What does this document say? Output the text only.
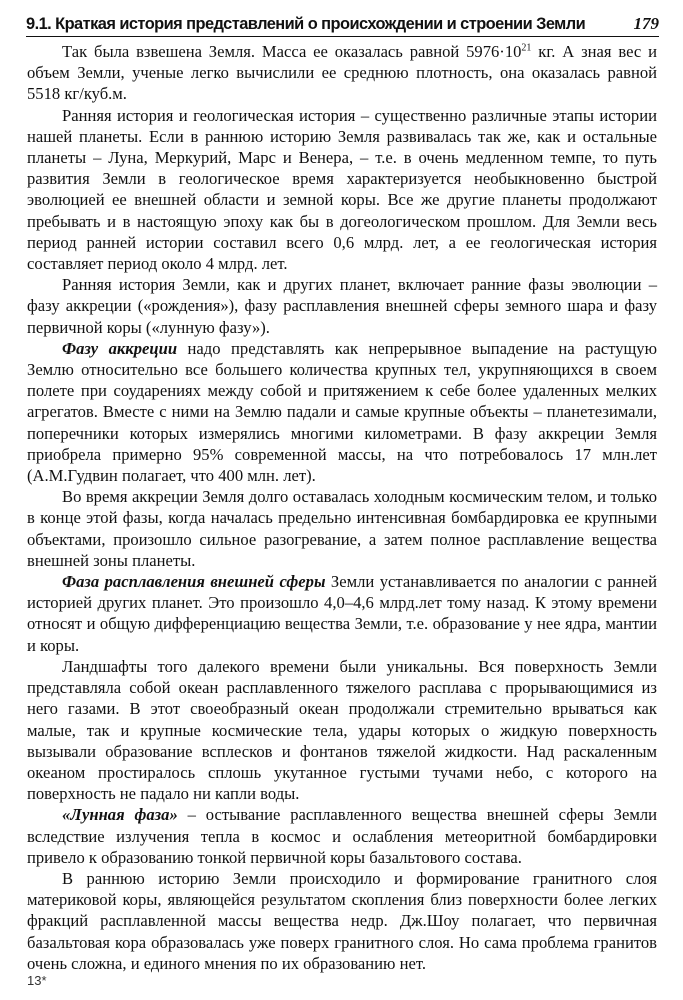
9.1. Краткая история представлений о происхождении и строении Земли	179

Так была взвешена Земля. Масса ее оказалась равной $5976\cdot 10^{21}$ кг. А зная вес и объем Земли, ученые легко вычислили ее среднюю плотность, она оказалась равной 5518 кг/куб.м.

Ранняя история и геологическая история – существенно различные этапы истории нашей планеты. Если в раннюю историю Земля развивалась так же, как и остальные планеты – Луна, Меркурий, Марс и Венера, – т.е. в очень медленном темпе, то путь развития Земли в геологическое время характеризуется необыкновенно быстрой эволюцией ее внешней области и земной коры. Все же другие планеты продолжают пребывать и в настоящую эпоху как бы в догеологическом прошлом. Для Земли весь период ранней истории составил всего 0,6 млрд. лет, а ее геологическая история составляет период около 4 млрд. лет.

Ранняя история Земли, как и других планет, включает ранние фазы эволюции – фазу аккреции («рождения»), фазу расплавления внешней сферы земного шара и фазу первичной коры («лунную фазу»).

Фазу аккреции надо представлять как непрерывное выпадение на растущую Землю относительно все большего количества крупных тел, укрупняющихся в своем полете при соударениях между собой и притяжением к себе более удаленных мелких агрегатов. Вместе с ними на Землю падали и самые крупные объекты – планетезимали, поперечники которых измерялись многими километрами. В фазу аккреции Земля приобрела примерно 95% современной массы, на что потребовалось 17 млн.лет (А.М.Гудвин полагает, что 400 млн. лет).

Во время аккреции Земля долго оставалась холодным космическим телом, и только в конце этой фазы, когда началась предельно интенсивная бомбардировка ее крупными объектами, произошло сильное разогревание, а затем полное расплавление вещества внешней зоны планеты.

Фаза расплавления внешней сферы Земли устанавливается по аналогии с ранней историей других планет. Это произошло 4,0–4,6 млрд.лет тому назад. К этому времени относят и общую дифференциацию вещества Земли, т.е. образование у нее ядра, мантии и коры.

Ландшафты того далекого времени были уникальны. Вся поверхность Земли представляла собой океан расплавленного тяжелого расплава с прорывающимися из него газами. В этот своеобразный океан продолжали стремительно врываться как малые, так и крупные космические тела, удары которых о жидкую поверхность вызывали образование всплесков и фонтанов тяжелой жидкости. Над раскаленным океаном простиралось сплошь укутанное густыми тучами небо, с которого на поверхность не падало ни капли воды.

«Лунная фаза» – остывание расплавленного вещества внешней сферы Земли вследствие излучения тепла в космос и ослабления метеоритной бомбардировки привело к образованию тонкой первичной коры базальтового состава.

В раннюю историю Земли происходило и формирование гранитного слоя материковой коры, являющейся результатом скопления близ поверхности более легких фракций расплавленной массы вещества недр. Дж.Шоу полагает, что первичная базальтовая кора образовалась уже поверх гранитного слоя. Но сама проблема гранитов очень сложна, и единого мнения по их образованию нет.

13*
